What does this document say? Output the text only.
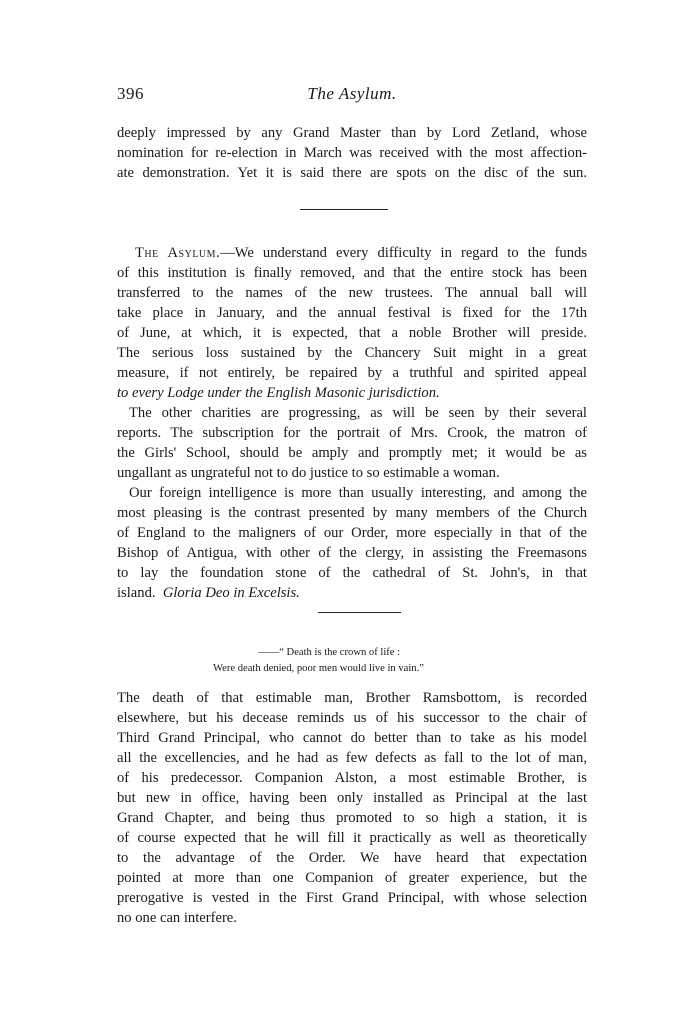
396	The Asylum.
deeply impressed by any Grand Master than by Lord Zetland, whose
nomination for re-election in March was received with the most affection-
ate demonstration. Yet it is said there are spots on the disc of the sun.
The Asylum.—We understand every difficulty in regard to the funds
of this institution is finally removed, and that the entire stock has been
transferred to the names of the new trustees. The annual ball will
take place in January, and the annual festival is fixed for the 17th
of June, at which, it is expected, that a noble Brother will preside.
The serious loss sustained by the Chancery Suit might in a great
measure, if not entirely, be repaired by a truthful and spirited appeal
to every Lodge under the English Masonic jurisdiction.
The other charities are progressing, as will be seen by their several
reports. The subscription for the portrait of Mrs. Crook, the matron of
the Girls' School, should be amply and promptly met; it would be as
ungallant as ungrateful not to do justice to so estimable a woman.
Our foreign intelligence is more than usually interesting, and among the
most pleasing is the contrast presented by many members of the Church
of England to the maligners of our Order, more especially in that of the
Bishop of Antigua, with other of the clergy, in assisting the Freemasons
to lay the foundation stone of the cathedral of St. John's, in that
island. Gloria Deo in Excelsis.
——“ Death is the crown of life :
Were death denied, poor men would live in vain.”
The death of that estimable man, Brother Ramsbottom, is recorded
elsewhere, but his decease reminds us of his successor to the chair of
Third Grand Principal, who cannot do better than to take as his model
all the excellencies, and he had as few defects as fall to the lot of man,
of his predecessor. Companion Alston, a most estimable Brother, is
but new in office, having been only installed as Principal at the last
Grand Chapter, and being thus promoted to so high a station, it is
of course expected that he will fill it practically as well as theoretically
to the advantage of the Order. We have heard that expectation
pointed at more than one Companion of greater experience, but the
prerogative is vested in the First Grand Principal, with whose selection
no one can interfere.
